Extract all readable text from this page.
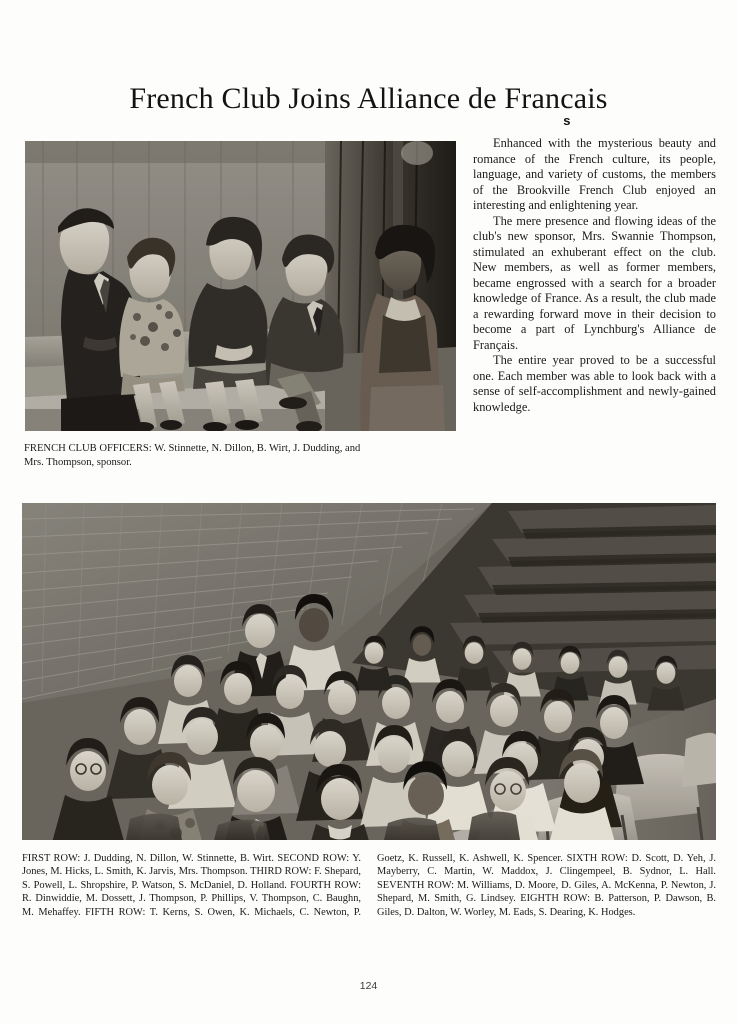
French Club Joins Alliance de Franc
s
ais

Enhanced with the mysterious beauty and romance of the French culture, its people, language, and variety of customs, the members of the Brookville French Club enjoyed an interesting and enlightening year.

The mere presence and flowing ideas of the club's new sponsor, Mrs. Swannie Thompson, stimulated an exhuberant effect on the club. New members, as well as former members, became engrossed with a search for a broader knowledge of France. As a result, the club made a rewarding forward move in their decision to become a part of Lynchburg's Alliance de Français.

The entire year proved to be a successful one. Each member was able to look back with a sense of self-accomplishment and newly-gained knowledge.

FRENCH CLUB OFFICERS: W. Stinnette, N. Dillon, B. Wirt, J. Dudding, and Mrs. Thompson, sponsor.

FIRST ROW: J. Dudding, N. Dillon, W. Stinnette, B. Wirt. SECOND ROW: Y. Jones, M. Hicks, L. Smith, K. Jarvis, Mrs. Thompson. THIRD ROW: F. Shepard, S. Powell, L. Shropshire, P. Watson, S. McDaniel, D. Holland. FOURTH ROW: R. Dinwiddie, M. Dossett, J. Thompson, P. Phillips, V. Thompson, C. Baughn, M. Mehaffey. FIFTH ROW: T. Kerns, S. Owen, K. Michaels, C. Newton, P. Goetz, K. Russell, K. Ashwell, K. Spencer. SIXTH ROW: D. Scott, D. Yeh, J. Mayberry, C. Martin, W. Maddox, J. Clingempeel, B. Sydnor, L. Hall. SEVENTH ROW: M. Williams, D. Moore, D. Giles, A. McKenna, P. Newton, J. Shepard, M. Smith, G. Lindsey. EIGHTH ROW: B. Patterson, P. Dawson, B. Giles, D. Dalton, W. Worley, M. Eads, S. Dearing, K. Hodges.

124
